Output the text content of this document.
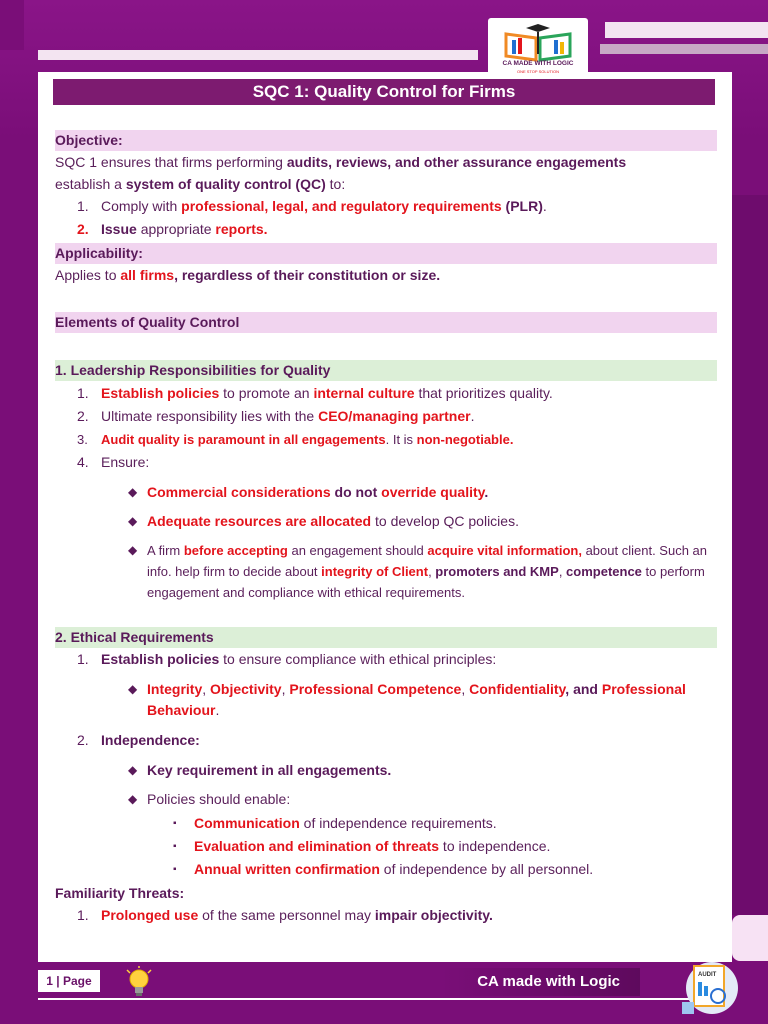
CA MADE WITH LOGIC
ONE STOP SOLUTION
SQC 1: Quality Control for Firms
Objective:
SQC 1 ensures that firms performing audits, reviews, and other assurance engagements
establish a system of quality control (QC) to:
1. Comply with professional, legal, and regulatory requirements (PLR).
2. Issue appropriate reports.
Applicability:
Applies to all firms, regardless of their constitution or size.
Elements of Quality Control
1. Leadership Responsibilities for Quality
1. Establish policies to promote an internal culture that prioritizes quality.
2. Ultimate responsibility lies with the CEO/managing partner.
3. Audit quality is paramount in all engagements. It is non-negotiable.
4. Ensure:
◆ Commercial considerations do not override quality.
◆ Adequate resources are allocated to develop QC policies.
◆ A firm before accepting an engagement should acquire vital information, about client. Such an info. help firm to decide about integrity of Client, promoters and KMP, competence to perform engagement and compliance with ethical requirements.
2. Ethical Requirements
1. Establish policies to ensure compliance with ethical principles:
◆ Integrity, Objectivity, Professional Competence, Confidentiality, and Professional Behaviour.
2. Independence:
◆ Key requirement in all engagements.
◆ Policies should enable:
▪ Communication of independence requirements.
▪ Evaluation and elimination of threats to independence.
▪ Annual written confirmation of independence by all personnel.
Familiarity Threats:
1. Prolonged use of the same personnel may impair objectivity.
1 | Page	CA made with Logic	AUDIT
